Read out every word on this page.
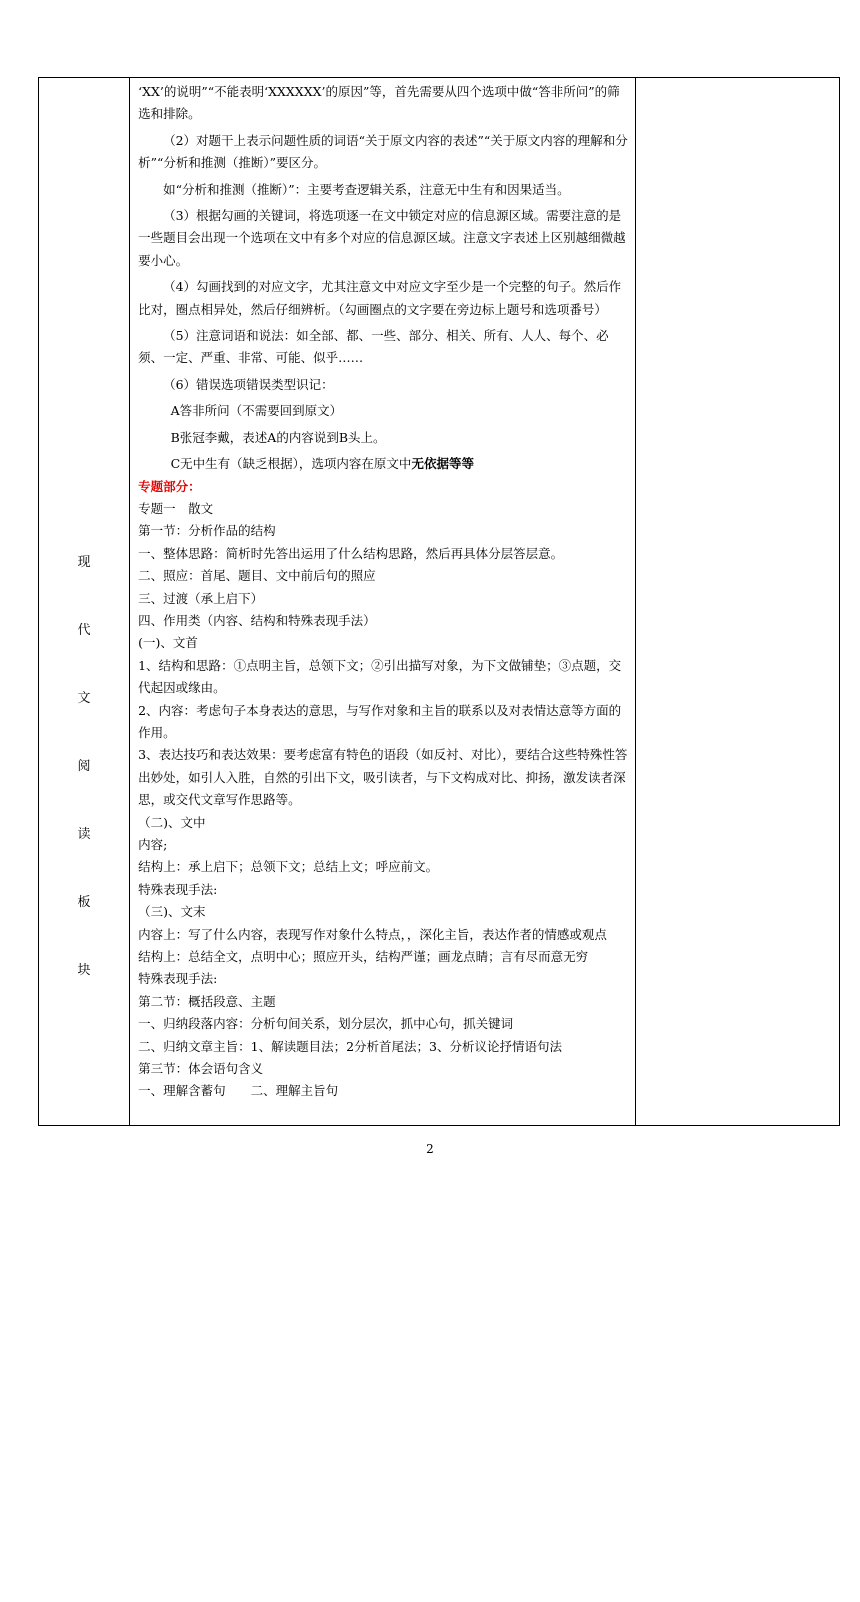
现
代
文
阅
读
板
块

‘XX’的说明”“不能表明‘XXXXXX’的原因”等，首先需要从四个选项中做“答非所问”的筛选和排除。

（2）对题干上表示问题性质的词语“关于原文内容的表述”“关于原文内容的理解和分析”“分析和推测（推断）”要区分。

如“分析和推测（推断）”：主要考查逻辑关系，注意无中生有和因果适当。

（3）根据勾画的关键词，将选项逐一在文中锁定对应的信息源区域。需要注意的是一些题目会出现一个选项在文中有多个对应的信息源区域。注意文字表述上区别越细微越要小心。

（4）勾画找到的对应文字，尤其注意文中对应文字至少是一个完整的句子。然后作比对，圈点相异处，然后仔细辨析。（勾画圈点的文字要在旁边标上题号和选项番号）

（5）注意词语和说法：如全部、都、一些、部分、相关、所有、人人、每个、必须、一定、严重、非常、可能、似乎……

（6）错误选项错误类型识记：

A答非所问（不需要回到原文）

B张冠李戴，表述A的内容说到B头上。

C无中生有（缺乏根据），选项内容在原文中无依据等等

专题部分：

专题一　散文

第一节：分析作品的结构

一、整体思路：简析时先答出运用了什么结构思路，然后再具体分层答层意。

二、照应：首尾、题目、文中前后句的照应

三、过渡（承上启下）

四、作用类（内容、结构和特殊表现手法）

(一)、文首

1、结构和思路：①点明主旨，总领下文；②引出描写对象，为下文做铺垫；③点题，交代起因或缘由。

2、内容：考虑句子本身表达的意思，与写作对象和主旨的联系以及对表情达意等方面的作用。

3、表达技巧和表达效果：要考虑富有特色的语段（如反衬、对比），要结合这些特殊性答出妙处，如引人入胜，自然的引出下文，吸引读者，与下文构成对比、抑扬，激发读者深思，或交代文章写作思路等。

（二)、文中

内容;

结构上：承上启下；总领下文；总结上文；呼应前文。

特殊表现手法:

（三)、文末

内容上：写了什么内容，表现写作对象什么特点，，深化主旨，表达作者的情感或观点

结构上：总结全文，点明中心；照应开头，结构严谨；画龙点睛；言有尽而意无穷

特殊表现手法:

第二节：概括段意、主题

一、归纳段落内容：分析句间关系，划分层次，抓中心句，抓关键词

二、归纳文章主旨：1、解读题目法；2分析首尾法；3、分析议论抒情语句法

第三节：体会语句含义

一、理解含蓄句　　二、理解主旨句

2
